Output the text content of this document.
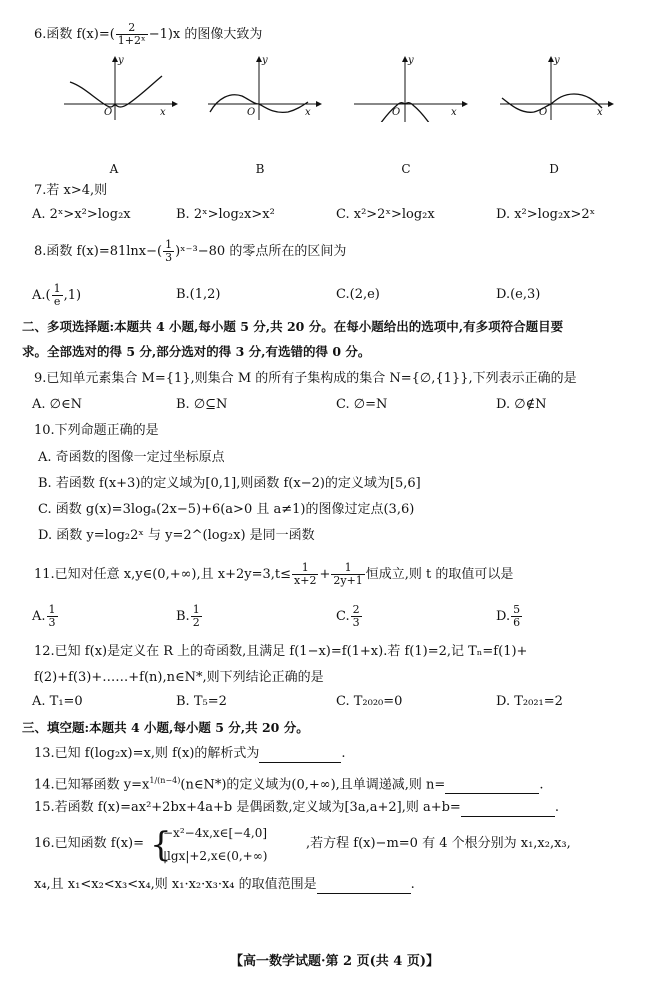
6.函数 $f(x)=( \frac{2}{\text{1+2ˣ}} -1)x$ 的图像大致为
y
x
O
y
x
O
y
x
O
y
x
O
A	B	C	D
7.若 x>4,则
A. 2ˣ>x²>log₂x	B. 2ˣ>log₂x>x²	C. x²>2ˣ>log₂x	D. x²>log₂x>2ˣ
8.函数 $f(x)=81\ln x-( \frac{1}{3}$ )ˣ⁻³−80 的零点所在的区间为
$A.( \frac{1}{e} ,1)$	B.(1,2)	C.(2,e)	D.(e,3)
二、多项选择题:本题共 4 小题,每小题 5 分,共 20 分。在每小题给出的选项中,有多项符合题目要
求。全部选对的得 5 分,部分选对的得 3 分,有选错的得 0 分。
9.已知单元素集合 M={1},则集合 M 的所有子集构成的集合 N={∅,{1}},下列表示正确的是
A. ∅∈N	B. ∅⊆N	C. ∅=N	D. ∅∉N
10.下列命题正确的是
A. 奇函数的图像一定过坐标原点
B. 若函数 f(x+3)的定义域为[0,1],则函数 f(x−2)的定义域为[5,6]
C. 函数 g(x)=3logₐ(2x−5)+6(a>0 且 a≠1)的图像过定点(3,6)
D. 函数 y=log₂2ˣ 与 y=2^(log₂x) 是同一函数
11.已知对任意 x,y∈(0,+∞),且 $x+2y=3,t\le \frac{1}{x+2} + \frac{1}{2y+1}$ 恒成立,则 t 的取值可以是
A. $\frac{1}{3}$	B. $\frac{1}{2}$	C. $\frac{2}{3}$	D. $\frac{5}{6}$
12.已知 f(x)是定义在 R 上的奇函数,且满足 f(1−x)=f(1+x).若 f(1)=2,记 Tₙ=f(1)+
f(2)+f(3)+……+f(n),n∈N*,则下列结论正确的是
A. T₁=0	B. T₅=2	C. T₂₀₂₀=0	D. T₂₀₂₁=2
三、填空题:本题共 4 小题,每小题 5 分,共 20 分。
13.已知 f(log₂x)=x,则 f(x)的解析式为	.
14.已知幂函数 $y=x^{1/(n-4)}(n\in N*)$的定义域为(0,+∞),且单调递减,则 n=	.
15.若函数 f(x)=ax²+2bx+4a+b 是偶函数,定义域为[3a,a+2],则 a+b=	.
16.已知函数 f(x)=	,若方程 f(x)−m=0 有 4 个根分别为 x₁,x₂,x₃,
{
−x²−4x,x∈[−4,0]
|lgx|+2,x∈(0,+∞)
x₄,且 x₁<x₂<x₃<x₄,则 x₁·x₂·x₃·x₄ 的取值范围是	.
【高一数学试题·第 2 页(共 4 页)】
